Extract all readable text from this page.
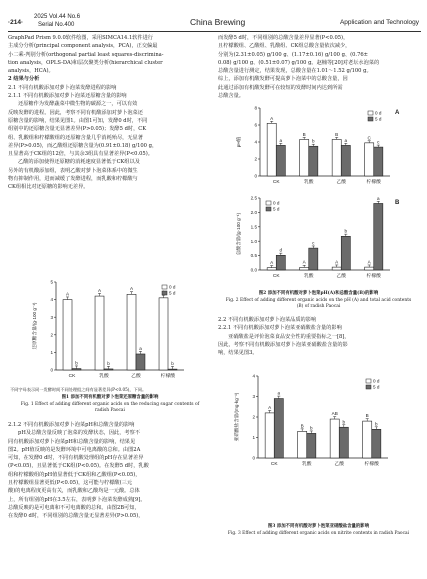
·214·
2025 Vol.44 No.6
Serial No.400	China Brewing	Application and Technology
GraphPad Prism 9.0.0软件绘图，采用SIMCA14.1软件进行
主成分分析(principal component analysis，PCA)，正交偏最
小二乘-判别分析(orthogonal partial least squares-discrimina-
tion analysis，OPLS-DA)和层次聚类分析(hierarchical cluster
analysis，HCA)。
2 结果与分析
2.1 不同有机酸添加对萝卜泡菜发酵进程的影响
2.1.1 不同有机酸添加对萝卜泡菜还原糖含量的影响
还原糖作为发酵蔬菜中微生物的碳源之一，可以有效
反映发酵的进程。因此，考察不同有机酸添加对萝卜泡菜还
原糖含量的影响，结果见图1。由图1可知，发酵0 d时，不同
组别中的还原糖含量无显著差异(P>0.05)；发酵5 d时，CK
组、乳酸组和柠檬酸组的还原糖含量几乎消耗殆尽，无显著
差异(P>0.05)，而乙酸组还原糖含量为(0.91±0.18) g/100 g，
且显著高于CK组的12倍，与其余3组具有显著差异(P<0.05)。
乙酸的添加使得还原糖的消耗速度显著低于CK组以及
另外的有机酸添加组，表明乙酸对萝卜泡菜体系中的微生
物有抑制作用，进而减缓了发酵进程，而乳酸和柠檬酸与
CK组相比对还原糖的影响无差异。
0
1
2
3
4
5
还原糖含量/(g·100 g⁻¹)
CK
A
b
乳酸
A
b
乙酸
A
a
柠檬酸
b
0 d
5 d
不同字母表示同一发酵时间不同处理组之间有显著差异(P<0.05)，下同。
图1 添加不同有机酸对萝卜泡菜还原糖含量的影响
Fig. 1 Effect of adding different organic acids on the reducing sugar contents of radish Paocai
2.1.2 不同有机酸添加对萝卜泡菜pH和总酸含量的影响
pH及总酸含量反映了泡菜的发酵状态，因此，考察不
同有机酸添加对萝卜泡菜pH和总酸含量的影响，结果见
图2。pH值反映的是发酵环境中可电离酸的总和。由图2A
可知，在发酵0 d时，不同有机酸处理组的pH存在显著差异
(P<0.05)，且显著低于CK组(P<0.05)。在发酵5 d时，乳酸
组和柠檬酸组的pH值显著低于CK组和乙酸组(P<0.05)，
且柠檬酸组显著更低(P<0.05)，这可能与柠檬酸(三元
酸)的电离程度更高有关，而乳酸和乙酸均是一元酸。总体
上，所有组别的pH在3.5左右，表明萝卜泡菜发酵成熟[9]。
总酸反映的是可电离和不可电离酸的总和。由图2B可知，
在发酵0 d时，不同组别的总酸含量无显著差异(P>0.05)，
而发酵5 d时，不同组别的总酸含量差异显著(P<0.05)，
且柠檬酸组、乙酸组、乳酸组、CK组总酸含量依次减少，
分别为(2.31±0.05) g/100 g、(1.17±0.16) g/100 g、(0.76±
0.08) g/100 g、(0.51±0.07) g/100 g。赵楠等[20]对老坛水泡菜的
总酸含量进行测定，结果发现，总酸含量在1.01～1.52 g/100 g。
综上，添加有机酸发酵可提高萝卜泡菜中的总酸含量，因
此通过添加有机酸发酵可在较短的发酵时间内达到所需
总酸含量。
0
2
4
6
8
pH值
A
CK
A
a
乳酸
B
b
乙酸
B
a
柠檬酸
C
c
0 d
5 d
0.0
0.5
1.0
1.5
2.0
2.5
总酸含量/(g·100 g⁻¹)
B
CK
A
d
乳酸
A
c
乙酸
A
b
柠檬酸
A
a
0 d
5 d
图2 添加不同有机酸对萝卜泡菜pH(A)和总酸含量(B)的影响
Fig. 2 Effect of adding different organic acids on the pH (A) and total acid contents (B) of radish Paocai
2.2 不同有机酸添加对萝卜泡菜品质的影响
2.2.1 不同有机酸添加对萝卜泡菜亚硝酸盐含量的影响
亚硝酸盐是评价泡菜食品安全性的重要指标之一[8]，
因此，考察不同有机酸添加对萝卜泡菜亚硝酸盐含量的影
响，结果见图3。
0
1
2
3
4
亚硝酸盐含量/(mg·kg⁻¹)
CK
A
a
乳酸
B b
乙酸
AB
b
柠檬酸
B
b
0 d
5 d
图3 添加不同有机酸对萝卜泡菜亚硝酸盐含量的影响
Fig. 3 Effect of adding different organic acids on nitrite contents in radish Paocai
